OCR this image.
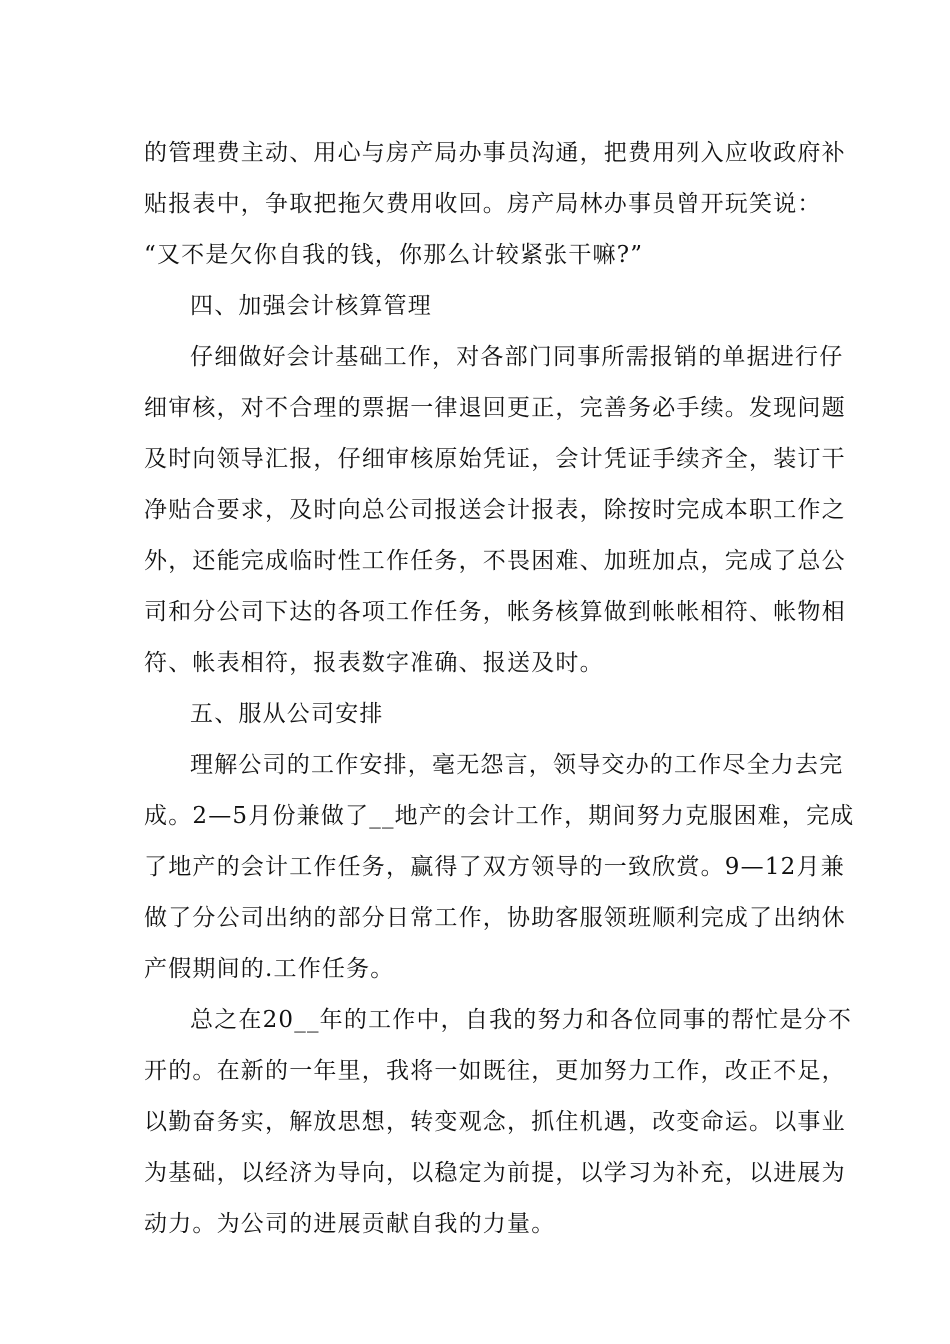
的管理费主动、用心与房产局办事员沟通，把费用列入应收政府补
贴报表中，争取把拖欠费用收回。房产局林办事员曾开玩笑说：
“又不是欠你自我的钱，你那么计较紧张干嘛?”
四、加强会计核算管理
仔细做好会计基础工作，对各部门同事所需报销的单据进行仔
细审核，对不合理的票据一律退回更正，完善务必手续。发现问题
及时向领导汇报，仔细审核原始凭证，会计凭证手续齐全，装订干
净贴合要求，及时向总公司报送会计报表，除按时完成本职工作之
外，还能完成临时性工作任务，不畏困难、加班加点，完成了总公
司和分公司下达的各项工作任务，帐务核算做到帐帐相符、帐物相
符、帐表相符，报表数字准确、报送及时。
五、服从公司安排
理解公司的工作安排，毫无怨言，领导交办的工作尽全力去完
成。2—5月份兼做了__地产的会计工作，期间努力克服困难，完成
了地产的会计工作任务，赢得了双方领导的一致欣赏。9—12月兼
做了分公司出纳的部分日常工作，协助客服领班顺利完成了出纳休
产假期间的.工作任务。
总之在20__年的工作中，自我的努力和各位同事的帮忙是分不
开的。在新的一年里，我将一如既往，更加努力工作，改正不足，
以勤奋务实，解放思想，转变观念，抓住机遇，改变命运。以事业
为基础，以经济为导向，以稳定为前提，以学习为补充，以进展为
动力。为公司的进展贡献自我的力量。
